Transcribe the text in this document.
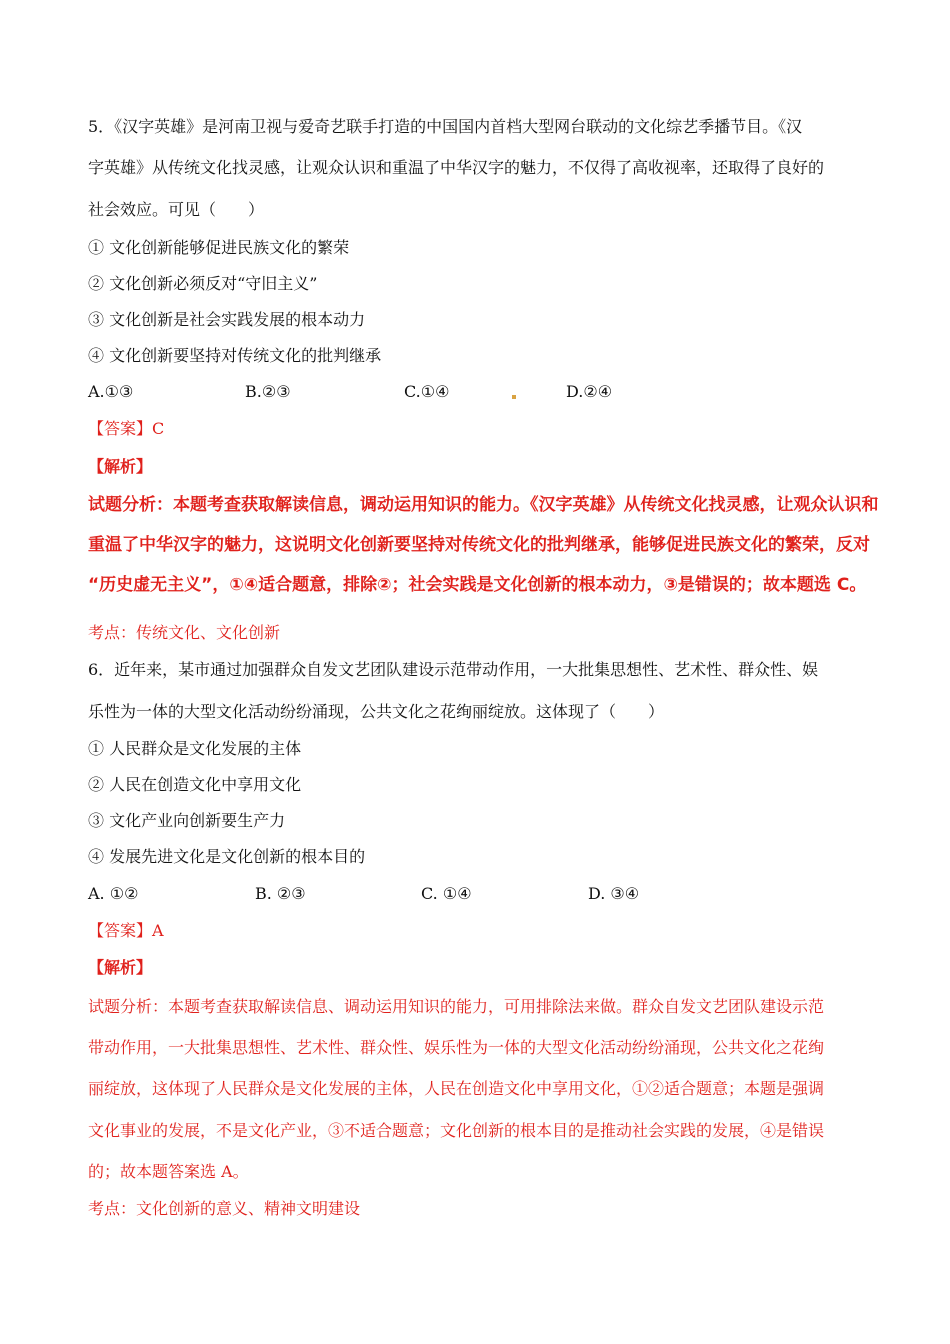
5．《汉字英雄》是河南卫视与爱奇艺联手打造的中国国内首档大型网台联动的文化综艺季播节目。《汉
字英雄》从传统文化找灵感，让观众认识和重温了中华汉字的魅力，不仅得了高收视率，还取得了良好的
社会效应。可见（　　）
① 文化创新能够促进民族文化的繁荣
② 文化创新必须反对“守旧主义”
③ 文化创新是社会实践发展的根本动力
④ 文化创新要坚持对传统文化的批判继承
A.①③	B.②③	C.①④	D.②④
【答案】C
【解析】
试题分析：本题考查获取解读信息，调动运用知识的能力。《汉字英雄》从传统文化找灵感，让观众认识和
重温了中华汉字的魅力，这说明文化创新要坚持对传统文化的批判继承，能够促进民族文化的繁荣，反对
“历史虚无主义”，①④适合题意，排除②；社会实践是文化创新的根本动力，③是错误的；故本题选 C。
考点：传统文化、文化创新
6．近年来，某市通过加强群众自发文艺团队建设示范带动作用，一大批集思想性、艺术性、群众性、娱
乐性为一体的大型文化活动纷纷涌现，公共文化之花绚丽绽放。这体现了（　　）
① 人民群众是文化发展的主体
② 人民在创造文化中享用文化
③ 文化产业向创新要生产力
④ 发展先进文化是文化创新的根本目的
A. ①②	B. ②③	C. ①④	D. ③④
【答案】A
【解析】
试题分析：本题考查获取解读信息、调动运用知识的能力，可用排除法来做。群众自发文艺团队建设示范
带动作用，一大批集思想性、艺术性、群众性、娱乐性为一体的大型文化活动纷纷涌现，公共文化之花绚
丽绽放，这体现了人民群众是文化发展的主体，人民在创造文化中享用文化，①②适合题意；本题是强调
文化事业的发展，不是文化产业，③不适合题意；文化创新的根本目的是推动社会实践的发展，④是错误
的；故本题答案选 A。
考点：文化创新的意义、精神文明建设
